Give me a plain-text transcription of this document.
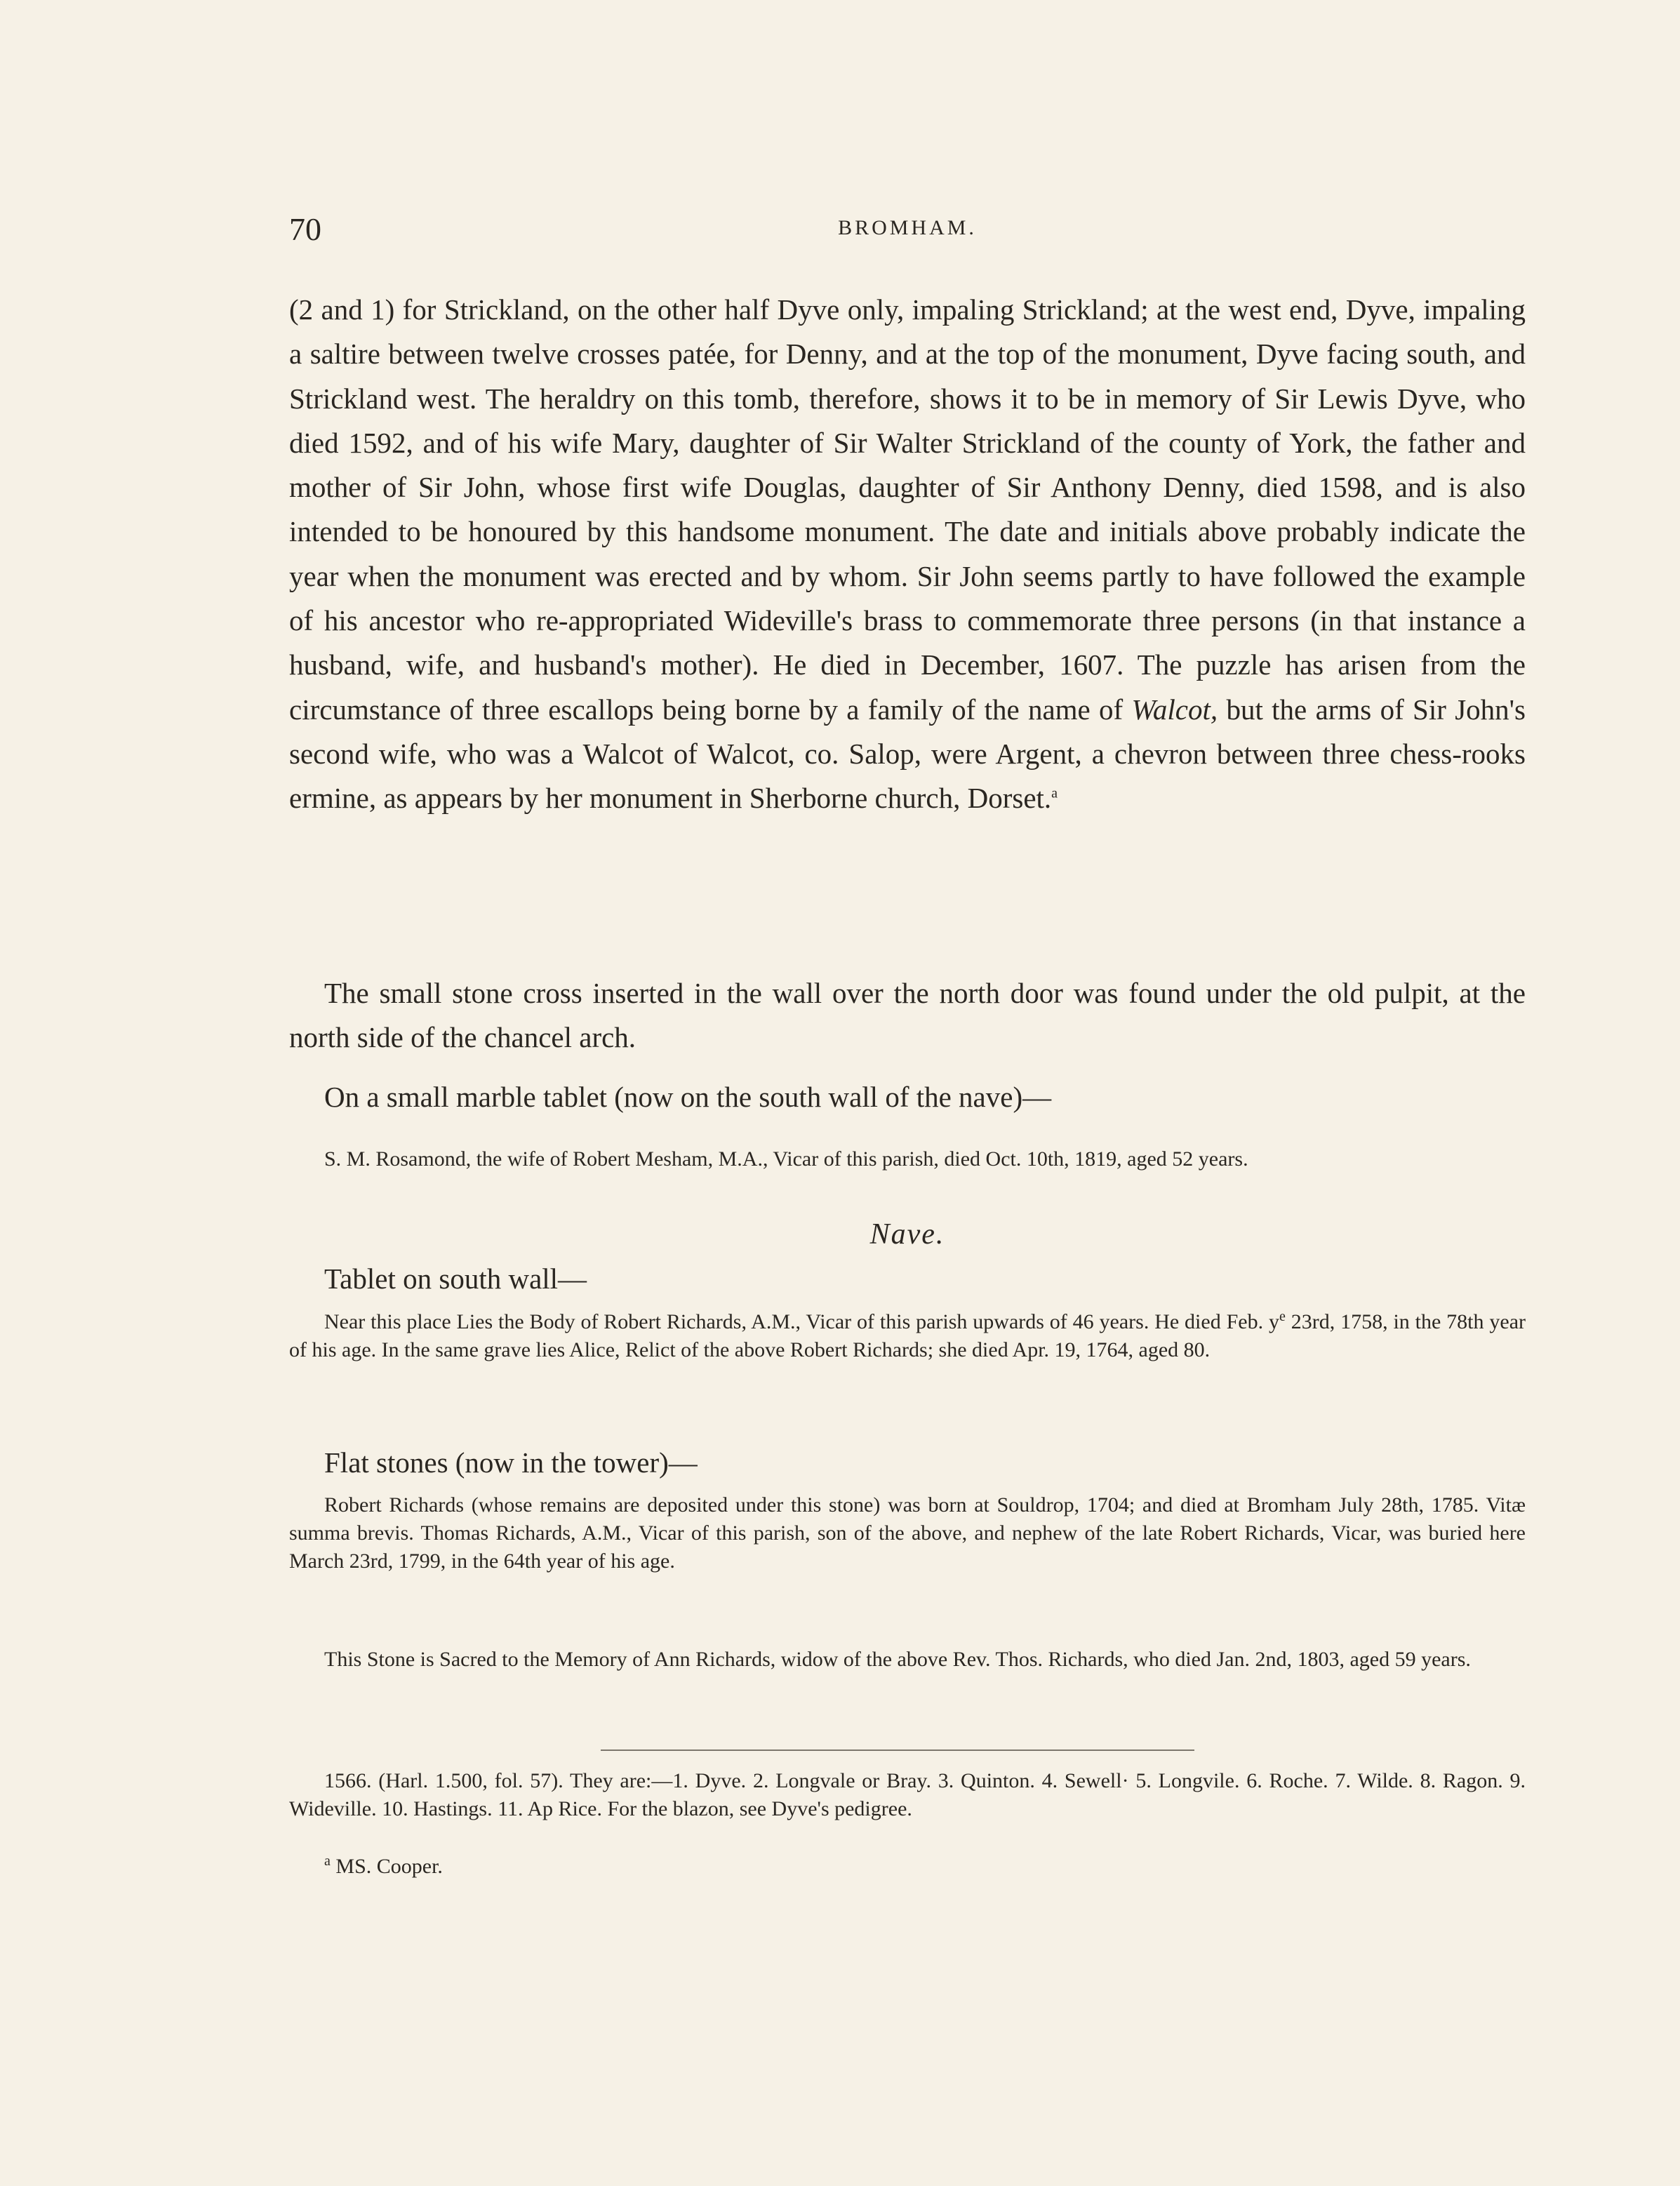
70	BROMHAM.

(2 and 1) for Strickland, on the other half Dyve only, impaling Strickland; at the west end, Dyve, impaling a saltire between twelve crosses patée, for Denny, and at the top of the monument, Dyve facing south, and Strickland west. The heraldry on this tomb, therefore, shows it to be in memory of Sir Lewis Dyve, who died 1592, and of his wife Mary, daughter of Sir Walter Strickland of the county of York, the father and mother of Sir John, whose first wife Douglas, daughter of Sir Anthony Denny, died 1598, and is also intended to be honoured by this handsome monument. The date and initials above probably indicate the year when the monument was erected and by whom. Sir John seems partly to have followed the example of his ancestor who re-appropriated Wideville's brass to commemorate three persons (in that instance a husband, wife, and husband's mother). He died in December, 1607. The puzzle has arisen from the circumstance of three escallops being borne by a family of the name of Walcot, but the arms of Sir John's second wife, who was a Walcot of Walcot, co. Salop, were Argent, a chevron between three chess-rooks ermine, as appears by her monument in Sherborne church, Dorset.$^a$

The small stone cross inserted in the wall over the north door was found under the old pulpit, at the north side of the chancel arch.

On a small marble tablet (now on the south wall of the nave)—

S. M. Rosamond, the wife of Robert Mesham, M.A., Vicar of this parish, died Oct. 10th, 1819, aged 52 years.

Nave.
Tablet on south wall—

Near this place Lies the Body of Robert Richards, A.M., Vicar of this parish upwards of 46 years. He died Feb. $y^e$ 23rd, 1758, in the 78th year of his age. In the same grave lies Alice, Relict of the above Robert Richards; she died Apr. 19, 1764, aged 80.

Flat stones (now in the tower)—

Robert Richards (whose remains are deposited under this stone) was born at Souldrop, 1704; and died at Bromham July 28th, 1785. Vitæ summa brevis. Thomas Richards, A.M., Vicar of this parish, son of the above, and nephew of the late Robert Richards, Vicar, was buried here March 23rd, 1799, in the 64th year of his age.

This Stone is Sacred to the Memory of Ann Richards, widow of the above Rev. Thos. Richards, who died Jan. 2nd, 1803, aged 59 years.

1566. (Harl. 1.500, fol. 57). They are:—1. Dyve. 2. Longvale or Bray. 3. Quinton. 4. Sewell· 5. Longvile. 6. Roche. 7. Wilde. 8. Ragon. 9. Wideville. 10. Hastings. 11. Ap Rice. For the blazon, see Dyve's pedigree.

$^a$ MS. Cooper.
